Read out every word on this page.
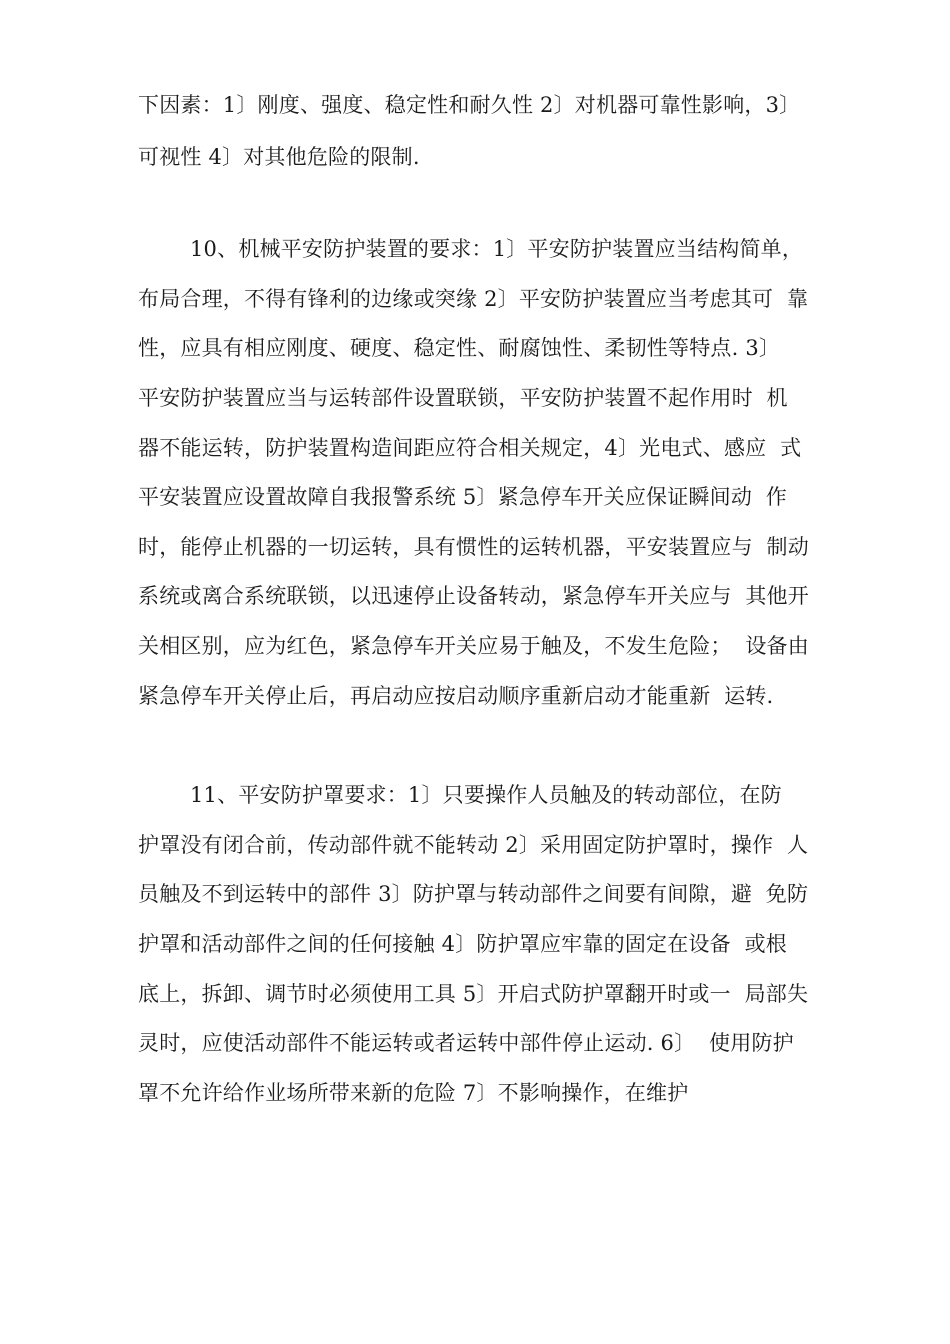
下因素：1〕刚度、强度、稳定性和耐久性 2〕对机器可靠性影响，3〕
可视性 4〕对其他危险的限制.
10、机械平安防护装置的要求：1〕平安防护装置应当结构简单，
布局合理，不得有锋利的边缘或突缘 2〕平安防护装置应当考虑其可  靠
性，应具有相应刚度、硬度、稳定性、耐腐蚀性、柔韧性等特点. 3〕
平安防护装置应当与运转部件设置联锁，平安防护装置不起作用时  机
器不能运转，防护装置构造间距应符合相关规定，4〕光电式、感应  式
平安装置应设置故障自我报警系统 5〕紧急停车开关应保证瞬间动  作
时，能停止机器的一切运转，具有惯性的运转机器，平安装置应与  制动
系统或离合系统联锁，以迅速停止设备转动，紧急停车开关应与  其他开
关相区别，应为红色，紧急停车开关应易于触及，不发生危险；  设备由
紧急停车开关停止后，再启动应按启动顺序重新启动才能重新  运转.
11、平安防护罩要求：1〕只要操作人员触及的转动部位，在防
护罩没有闭合前，传动部件就不能转动 2〕采用固定防护罩时，操作  人
员触及不到运转中的部件 3〕防护罩与转动部件之间要有间隙，避  免防
护罩和活动部件之间的任何接触 4〕防护罩应牢靠的固定在设备  或根
底上，拆卸、调节时必须使用工具 5〕开启式防护罩翻开时或一  局部失
灵时，应使活动部件不能运转或者运转中部件停止运动. 6〕  使用防护
罩不允许给作业场所带来新的危险 7〕不影响操作，在维护
